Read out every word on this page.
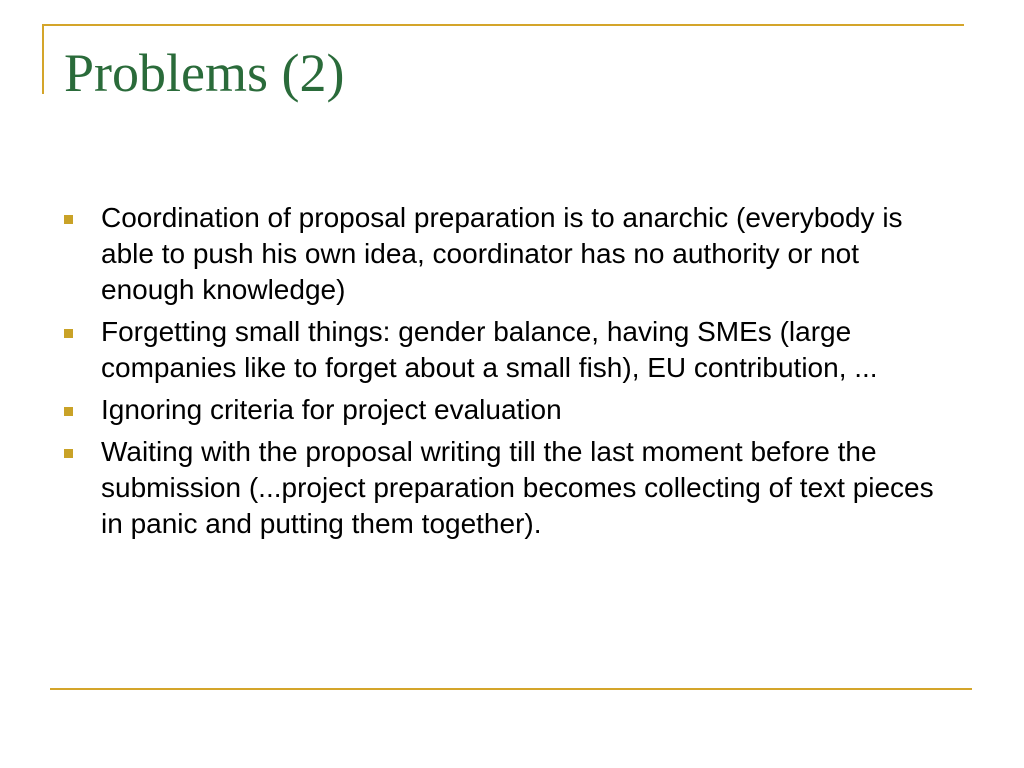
Problems (2)
Coordination of proposal preparation is to anarchic (everybody is able to push his own idea, coordinator has no authority or not enough knowledge)
Forgetting small things: gender balance, having SMEs (large companies like to forget about a small fish), EU contribution, ...
Ignoring criteria for project evaluation
Waiting with the proposal writing till the last moment before the submission (...project preparation becomes collecting of text pieces in panic and putting them together).
